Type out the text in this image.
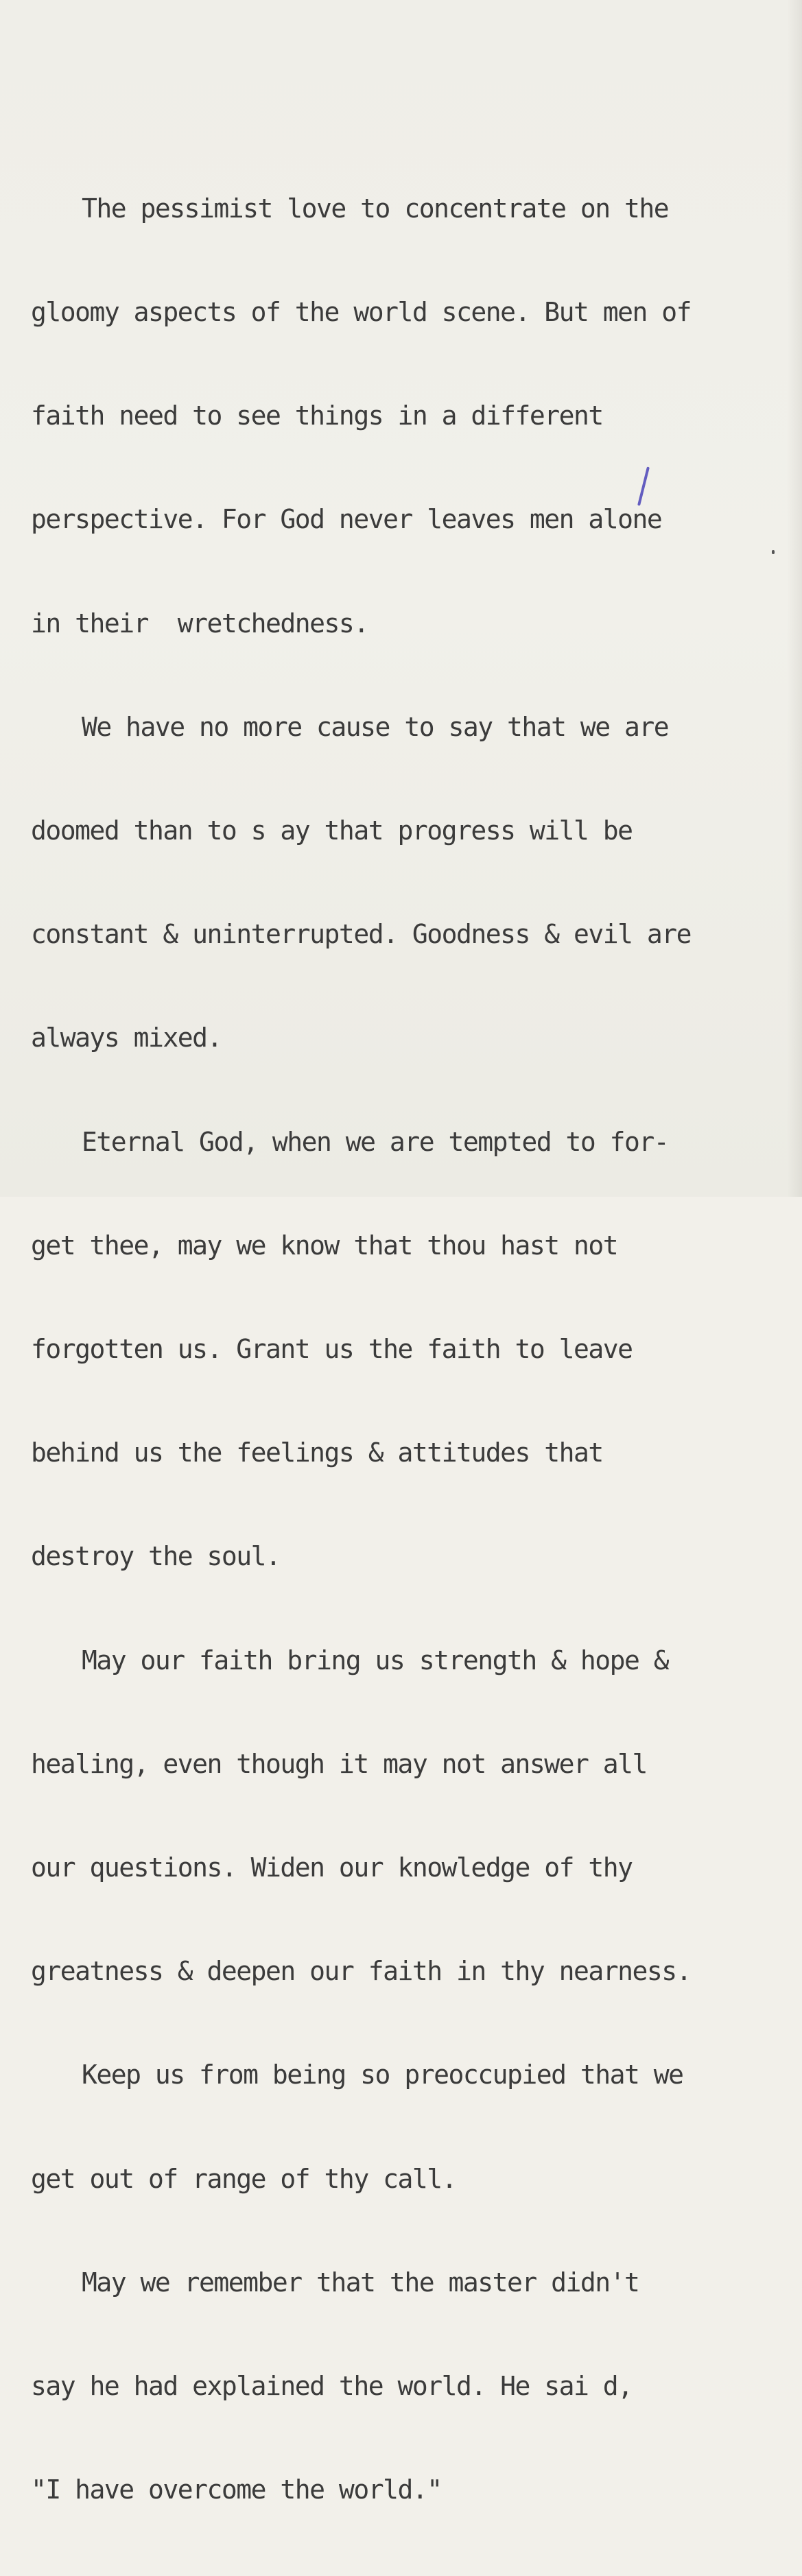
The pessimist love to concentrate on the

gloomy aspects of the world scene. But men of

faith need to see things in a different

perspective. For God never leaves men alone

in their  wretchedness.

We have no more cause to say that we are

doomed than to s ay that progress will be

constant & uninterrupted. Goodness & evil are

always mixed.

Eternal God, when we are tempted to for-

get thee, may we know that thou hast not

forgotten us. Grant us the faith to leave

behind us the feelings & attitudes that

destroy the soul.

May our faith bring us strength & hope &

healing, even though it may not answer all

our questions. Widen our knowledge of thy

greatness & deepen our faith in thy nearness.

Keep us from being so preoccupied that we

get out of range of thy call.

May we remember that the master didn't

say he had explained the world. He sai d,

"I have overcome the world."
